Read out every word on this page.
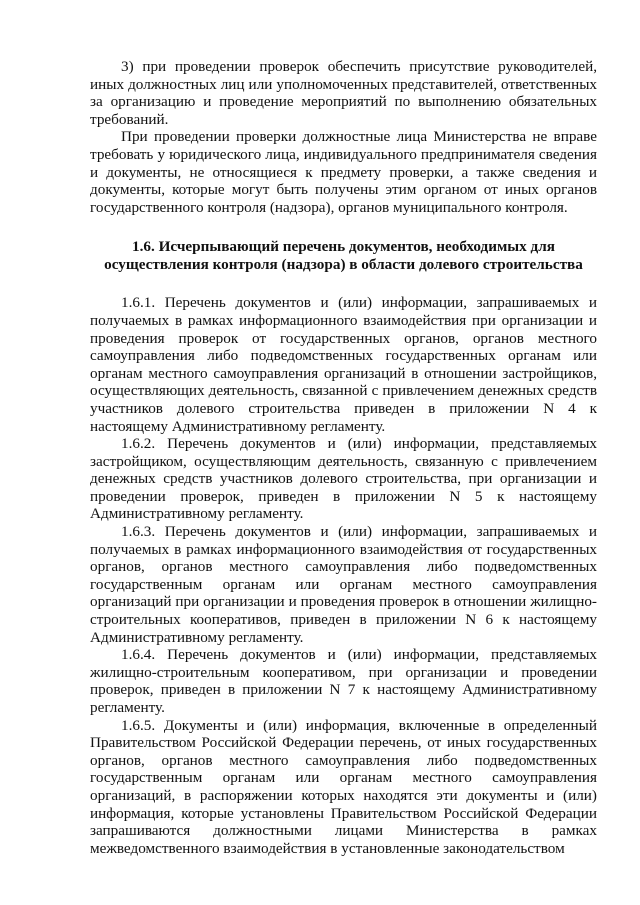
3) при проведении проверок обеспечить присутствие руководителей, иных должностных лиц или уполномоченных представителей, ответственных за организацию и проведение мероприятий по выполнению обязательных требований.

При проведении проверки должностные лица Министерства не вправе требовать у юридического лица, индивидуального предпринимателя сведения и документы, не относящиеся к предмету проверки, а также сведения и документы, которые могут быть получены этим органом от иных органов государственного контроля (надзора), органов муниципального контроля.

1.6. Исчерпывающий перечень документов, необходимых для осуществления контроля (надзора) в области долевого строительства

1.6.1. Перечень документов и (или) информации, запрашиваемых и получаемых в рамках информационного взаимодействия при организации и проведения проверок от государственных органов, органов местного самоуправления либо подведомственных государственных органам или органам местного самоуправления организаций в отношении застройщиков, осуществляющих деятельность, связанной с привлечением денежных средств участников долевого строительства приведен в приложении N 4 к настоящему Административному регламенту.

1.6.2. Перечень документов и (или) информации, представляемых застройщиком, осуществляющим деятельность, связанную с привлечением денежных средств участников долевого строительства, при организации и проведении проверок, приведен в приложении N 5 к настоящему Административному регламенту.

1.6.3. Перечень документов и (или) информации, запрашиваемых и получаемых в рамках информационного взаимодействия от государственных органов, органов местного самоуправления либо подведомственных государственным органам или органам местного самоуправления организаций при организации и проведения проверок в отношении жилищно-строительных кооперативов, приведен в приложении N 6 к настоящему Административному регламенту.

1.6.4. Перечень документов и (или) информации, представляемых жилищно-строительным кооперативом, при организации и проведении проверок, приведен в приложении N 7 к настоящему Административному регламенту.

1.6.5. Документы и (или) информация, включенные в определенный Правительством Российской Федерации перечень, от иных государственных органов, органов местного самоуправления либо подведомственных государственным органам или органам местного самоуправления организаций, в распоряжении которых находятся эти документы и (или) информация, которые установлены Правительством Российской Федерации запрашиваются должностными лицами Министерства в рамках межведомственного взаимодействия в установленные законодательством
